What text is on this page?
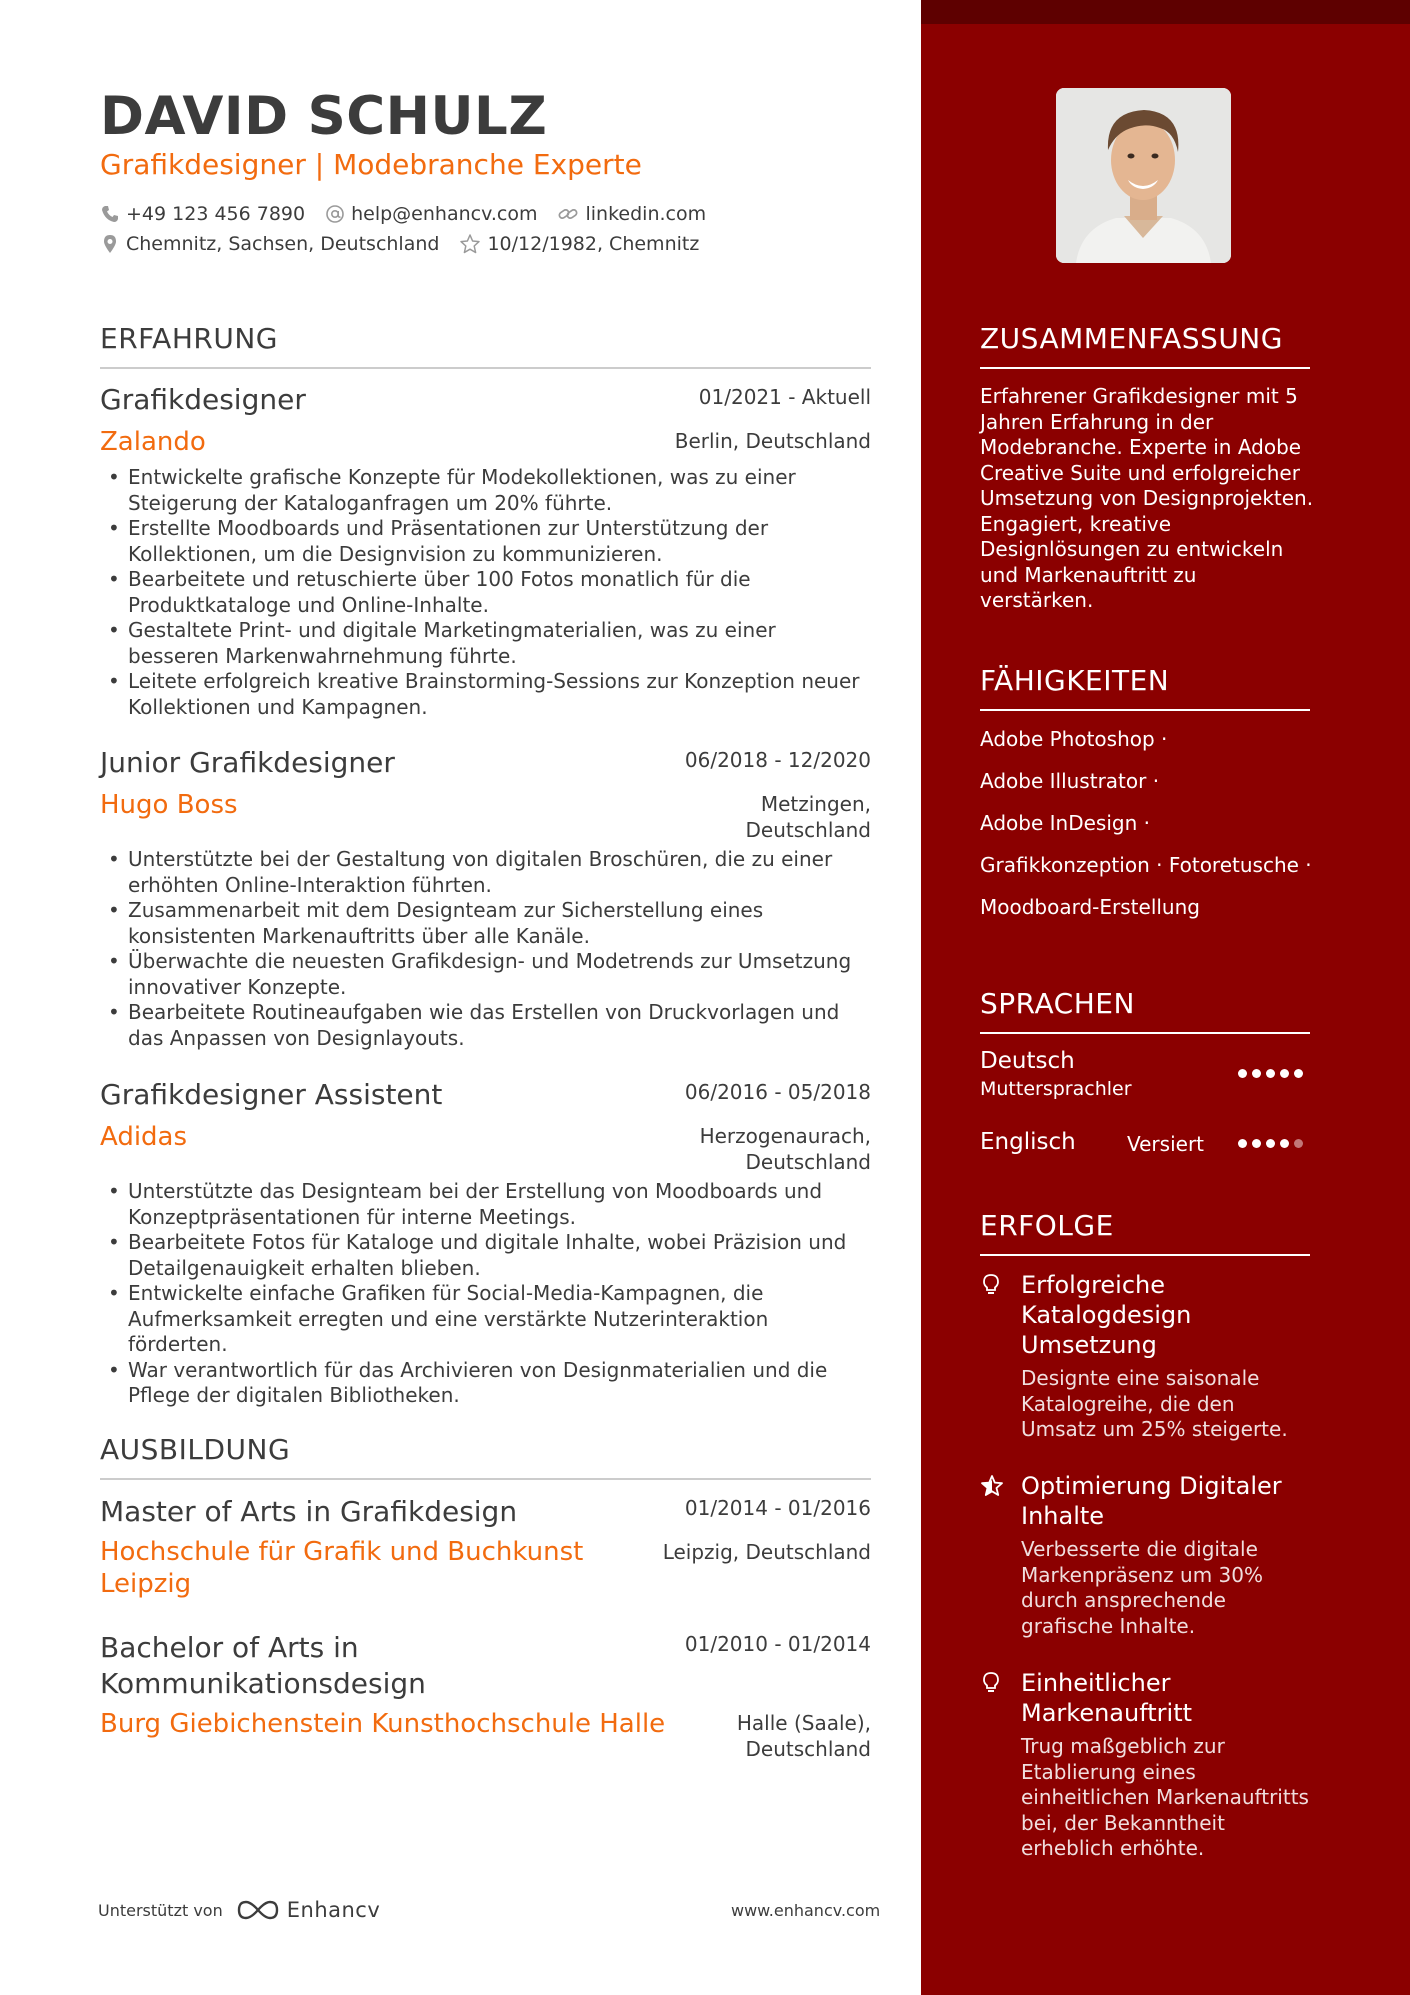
DAVID SCHULZ
Grafikdesigner | Modebranche Experte
+49 123 456 7890 help@enhancv.com	linkedin.com
Chemnitz, Sachsen, Deutschland	10/12/1982, Chemnitz
ERFAHRUNG
Grafikdesigner	01/2021 - Aktuell
Zalando	Berlin, Deutschland
• Entwickelte grafische Konzepte für Modekollektionen, was zu einer Steigerung der Kataloganfragen um 20% führte.
• Erstellte Moodboards und Präsentationen zur Unterstützung der Kollektionen, um die Designvision zu kommunizieren.
• Bearbeitete und retuschierte über 100 Fotos monatlich für die Produktkataloge und Online-Inhalte.
• Gestaltete Print- und digitale Marketingmaterialien, was zu einer besseren Markenwahrnehmung führte.
• Leitete erfolgreich kreative Brainstorming-Sessions zur Konzeption neuer Kollektionen und Kampagnen.
Junior Grafikdesigner	06/2018 - 12/2020
Hugo Boss	Metzingen,
Deutschland
• Unterstützte bei der Gestaltung von digitalen Broschüren, die zu einer erhöhten Online-Interaktion führten.
• Zusammenarbeit mit dem Designteam zur Sicherstellung eines konsistenten Markenauftritts über alle Kanäle.
• Überwachte die neuesten Grafikdesign- und Modetrends zur Umsetzung innovativer Konzepte.
• Bearbeitete Routineaufgaben wie das Erstellen von Druckvorlagen und das Anpassen von Designlayouts.
Grafikdesigner Assistent	06/2016 - 05/2018
Adidas	Herzogenaurach,
Deutschland
• Unterstützte das Designteam bei der Erstellung von Moodboards und Konzeptpräsentationen für interne Meetings.
• Bearbeitete Fotos für Kataloge und digitale Inhalte, wobei Präzision und Detailgenauigkeit erhalten blieben.
• Entwickelte einfache Grafiken für Social-Media-Kampagnen, die Aufmerksamkeit erregten und eine verstärkte Nutzerinteraktion förderten.
• War verantwortlich für das Archivieren von Designmaterialien und die Pflege der digitalen Bibliotheken.
AUSBILDUNG
Master of Arts in Grafikdesign	01/2014 - 01/2016
Hochschule für Grafik und Buchkunst Leipzig
Leipzig, Deutschland
Bachelor of Arts in Kommunikationsdesign
01/2010 - 01/2014
Burg Giebichenstein Kunsthochschule Halle	Halle (Saale),
Deutschland
Unterstützt von	Enhancv	www.enhancv.com
ZUSAMMENFASSUNG
Erfahrener Grafikdesigner mit 5 Jahren Erfahrung in der Modebranche. Experte in Adobe Creative Suite und erfolgreicher Umsetzung von Designprojekten. Engagiert, kreative Designlösungen zu entwickeln und Markenauftritt zu verstärken.
FÄHIGKEITEN
Adobe Photoshop ·
Adobe Illustrator ·
Adobe InDesign ·
Grafikkonzeption · Fotoretusche ·
Moodboard-Erstellung
SPRACHEN
Deutsch
Muttersprachler
Englisch	Versiert
ERFOLGE
Erfolgreiche Katalogdesign Umsetzung
Designte eine saisonale Katalogreihe, die den Umsatz um 25% steigerte.
Optimierung Digitaler Inhalte
Verbesserte die digitale Markenpräsenz um 30% durch ansprechende grafische Inhalte.
Einheitlicher Markenauftritt
Trug maßgeblich zur Etablierung eines einheitlichen Markenauftritts bei, der Bekanntheit erheblich erhöhte.
